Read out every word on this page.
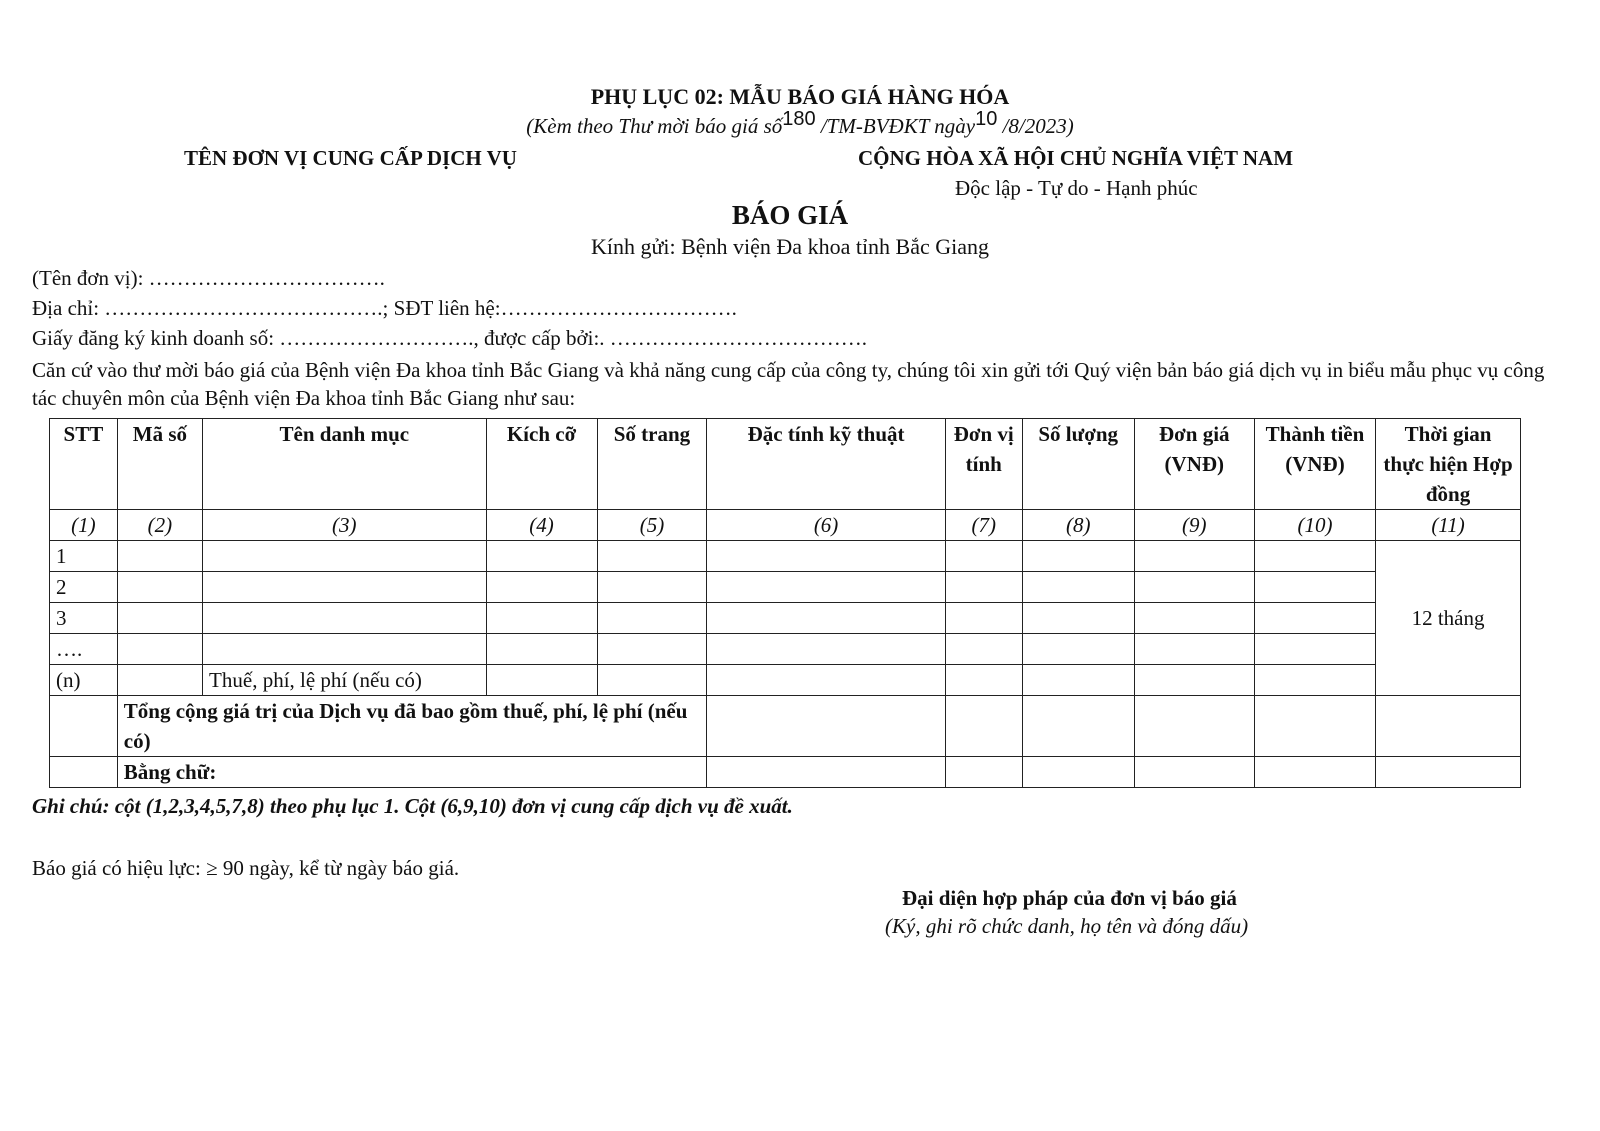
PHỤ LỤC 02: MẪU BÁO GIÁ HÀNG HÓA
(Kèm theo Thư mời báo giá số180 /TM-BVĐKT ngày10 /8/2023)
TÊN ĐƠN VỊ CUNG CẤP DỊCH VỤ	CỘNG HÒA XÃ HỘI CHỦ NGHĨA VIỆT NAM
Độc lập - Tự do - Hạnh phúc
BÁO GIÁ
Kính gửi: Bệnh viện Đa khoa tỉnh Bắc Giang
(Tên đơn vị): …………………………….
Địa chỉ: ………………………………….; SĐT liên hệ:…………………………….
Giấy đăng ký kinh doanh số: ………………………., được cấp bởi:. ……………………………….
Căn cứ vào thư mời báo giá của Bệnh viện Đa khoa tỉnh Bắc Giang và khả năng cung cấp của công ty, chúng tôi xin gửi tới Quý viện bản báo giá dịch vụ in biểu mẫu phục vụ công tác chuyên môn của Bệnh viện Đa khoa tỉnh Bắc Giang như sau:
STT	Mã số	Tên danh mục	Kích cỡ	Số trang	Đặc tính kỹ thuật	Đơn vị tính	Số lượng	Đơn giá (VNĐ)	Thành tiền (VNĐ)	Thời gian thực hiện Hợp đồng
(1)	(2)	(3)	(4)	(5)	(6)	(7)	(8)	(9)	(10)	(11)
1										12 tháng
2										
3										
….										
(n)		Thuế, phí, lệ phí (nếu có)								
	Tổng cộng giá trị của Dịch vụ đã bao gồm thuế, phí, lệ phí (nếu có)									
	Bằng chữ:									
Ghi chú: cột (1,2,3,4,5,7,8) theo phụ lục 1. Cột (6,9,10) đơn vị cung cấp dịch vụ đề xuất.
Báo giá có hiệu lực: ≥ 90 ngày, kể từ ngày báo giá.
Đại diện hợp pháp của đơn vị báo giá
(Ký, ghi rõ chức danh, họ tên và đóng dấu)
